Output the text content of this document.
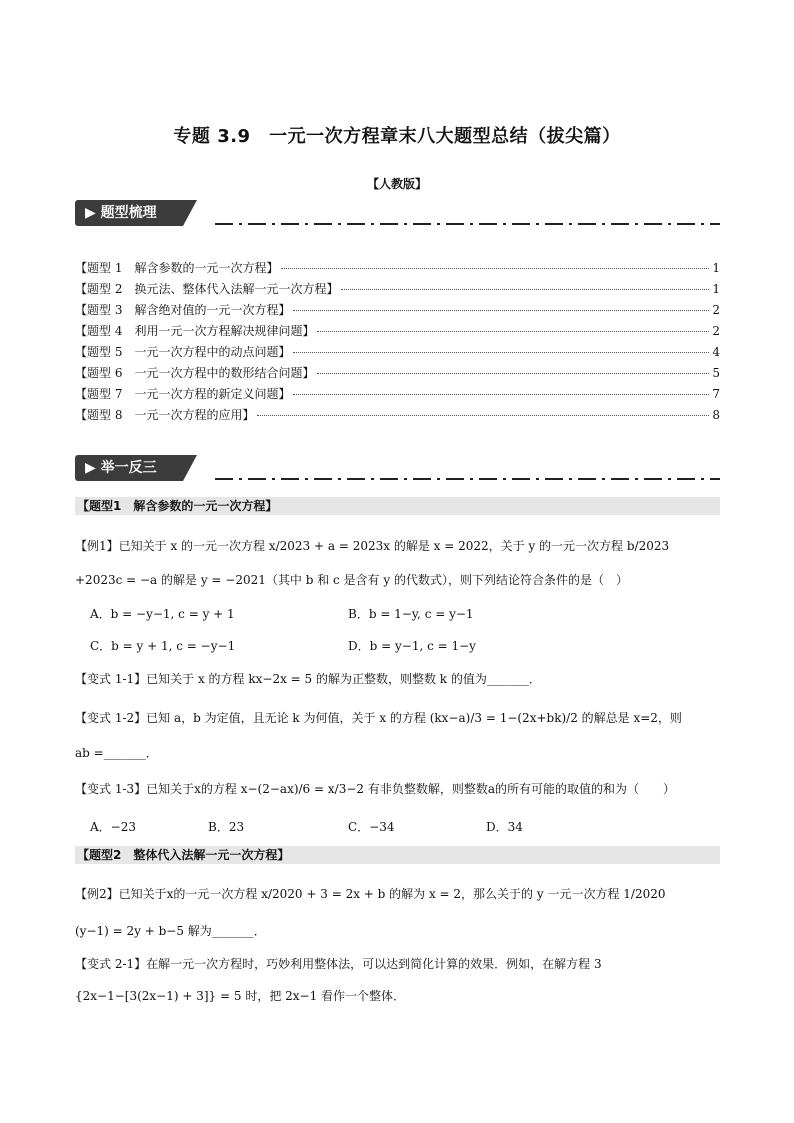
专题 3.9　一元一次方程章末八大题型总结（拔尖篇）
【人教版】
▶ 题型梳理
【题型 1　解含参数的一元一次方程】	1
【题型 2　换元法、整体代入法解一元一次方程】	1
【题型 3　解含绝对值的一元一次方程】	2
【题型 4　利用一元一次方程解决规律问题】	2
【题型 5　一元一次方程中的动点问题】	4
【题型 6　一元一次方程中的数形结合问题】	5
【题型 7　一元一次方程的新定义问题】	7
【题型 8　一元一次方程的应用】	8
▶ 举一反三
【题型1　解含参数的一元一次方程】
【例1】已知关于 x 的一元一次方程 x/2023 + a = 2023x 的解是 x = 2022，关于 y 的一元一次方程 b/2023
+2023c = −a 的解是 y = −2021（其中 b 和 c 是含有 y 的代数式），则下列结论符合条件的是（　）
A．b = −y−1, c = y + 1	B．b = 1−y, c = y−1
C．b = y + 1, c = −y−1	D．b = y−1, c = 1−y
【变式 1-1】已知关于 x 的方程 kx−2x = 5 的解为正整数，则整数 k 的值为_______．
【变式 1-2】已知 a，b 为定值，且无论 k 为何值，关于 x 的方程 (kx−a)/3 = 1−(2x+bk)/2 的解总是 x=2，则
ab =_______．
【变式 1-3】已知关于x的方程 x−(2−ax)/6 = x/3−2 有非负整数解，则整数a的所有可能的取值的和为（　　）
A．−23	B．23	C．−34	D．34
【题型2　整体代入法解一元一次方程】
【例2】已知关于x的一元一次方程 x/2020 + 3 = 2x + b 的解为 x = 2，那么关于的 y 一元一次方程 1/2020
(y−1) = 2y + b−5 解为_______．
【变式 2-1】在解一元一次方程时，巧妙利用整体法，可以达到简化计算的效果．例如，在解方程 3
{2x−1−[3(2x−1) + 3]} = 5 时，把 2x−1 看作一个整体．
